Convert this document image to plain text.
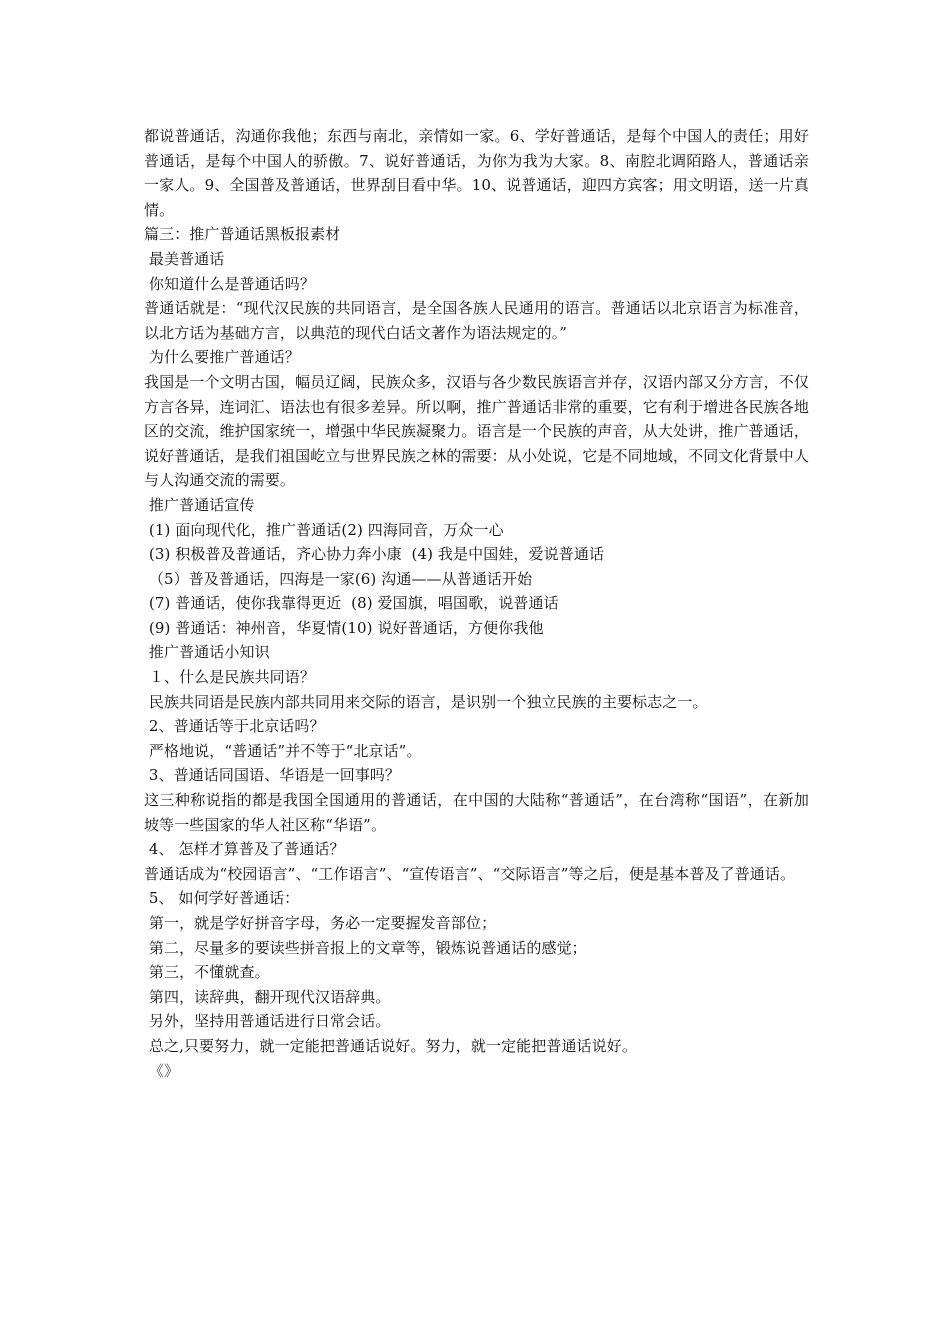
都说普通话，沟通你我他；东西与南北，亲情如一家。6、学好普通话，是每个中国人的责任；用好普通话，是每个中国人的骄傲。7、说好普通话，为你为我为大家。8、南腔北调陌路人，普通话亲一家人。9、全国普及普通话，世界刮目看中华。10、说普通话，迎四方宾客；用文明语，送一片真情。
篇三：推广普通话黑板报素材
最美普通话
你知道什么是普通话吗？
普通话就是：“现代汉民族的共同语言，是全国各族人民通用的语言。普通话以北京语言为标准音，以北方话为基础方言，以典范的现代白话文著作为语法规定的。”
为什么要推广普通话？
我国是一个文明古国，幅员辽阔，民族众多，汉语与各少数民族语言并存，汉语内部又分方言，不仅方言各异，连词汇、语法也有很多差异。所以啊，推广普通话非常的重要，它有利于增进各民族各地区的交流，维护国家统一，增强中华民族凝聚力。语言是一个民族的声音，从大处讲，推广普通话，说好普通话，是我们祖国屹立与世界民族之林的需要：从小处说，它是不同地域，不同文化背景中人与人沟通交流的需要。
推广普通话宣传
(1) 面向现代化，推广普通话(2) 四海同音，万众一心
(3) 积极普及普通话，齐心协力奔小康  (4) 我是中国娃，爱说普通话
（5）普及普通话，四海是一家(6) 沟通——从普通话开始
(7) 普通话，使你我靠得更近  (8) 爱国旗，唱国歌，说普通话
(9) 普通话：神州音，华夏情(10) 说好普通话，方便你我他
推广普通话小知识
１、什么是民族共同语？
民族共同语是民族内部共同用来交际的语言，是识别一个独立民族的主要标志之一。
2、普通话等于北京话吗？
严格地说，“普通话”并不等于“北京话”。
3、普通话同国语、华语是一回事吗？
这三种称说指的都是我国全国通用的普通话，在中国的大陆称“普通话”，在台湾称“国语”，在新加坡等一些国家的华人社区称“华语”。
4、 怎样才算普及了普通话？
普通话成为“校园语言”、“工作语言”、“宣传语言”、“交际语言”等之后，便是基本普及了普通话。
5、 如何学好普通话：
第一，就是学好拼音字母，务必一定要握发音部位；
第二，尽量多的要读些拼音报上的文章等，锻炼说普通话的感觉；
第三，不懂就查。
第四，读辞典，翻开现代汉语辞典。
另外，坚持用普通话进行日常会话。
总之,只要努力，就一定能把普通话说好。努力，就一定能把普通话说好。
《》
